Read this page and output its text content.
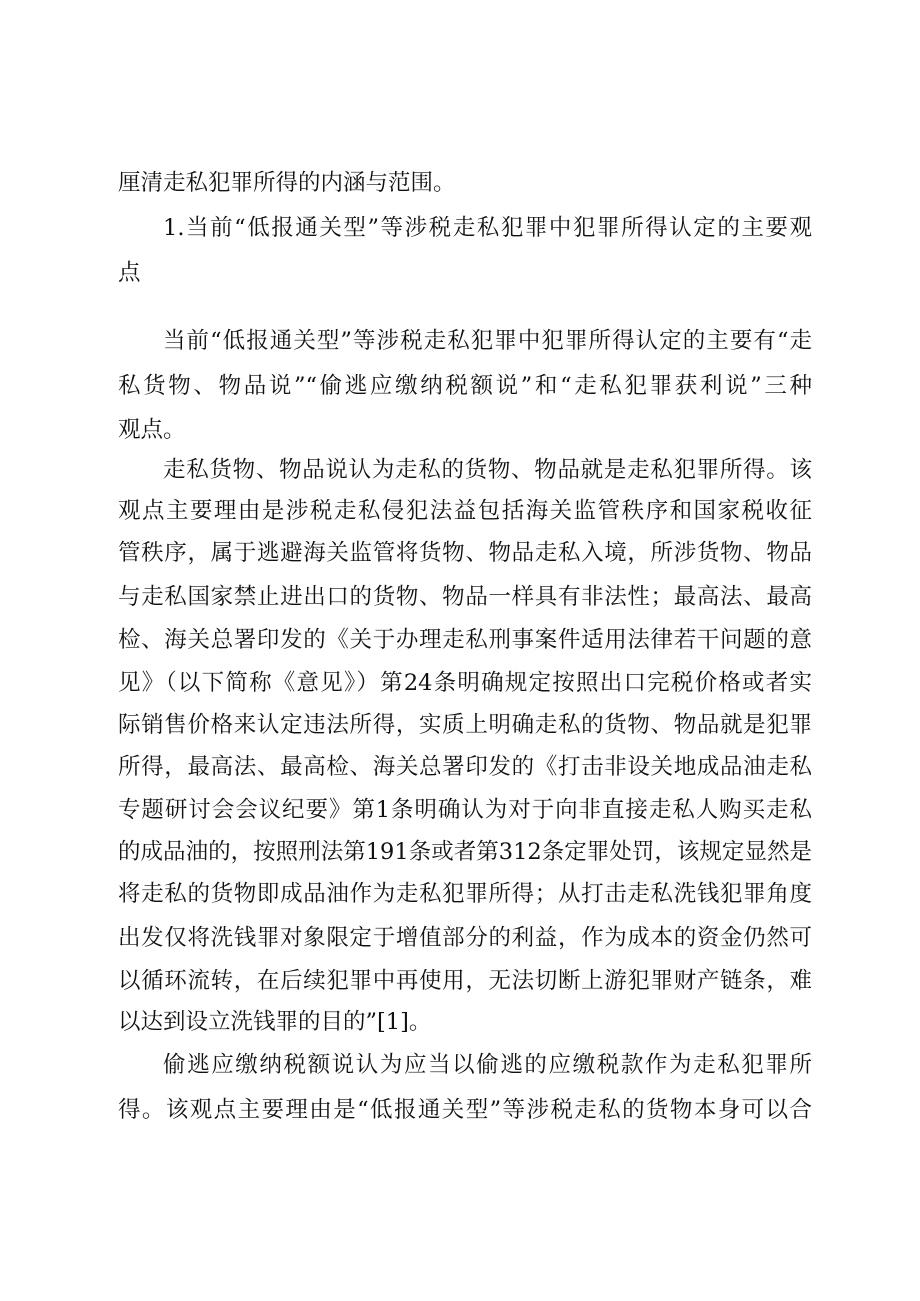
厘清走私犯罪所得的内涵与范围。
1.当前“低报通关型”等涉税走私犯罪中犯罪所得认定的主要观
点
当前“低报通关型”等涉税走私犯罪中犯罪所得认定的主要有“走
私货物、物品说”“偷逃应缴纳税额说”和“走私犯罪获利说”三种
观点。
走私货物、物品说认为走私的货物、物品就是走私犯罪所得。该
观点主要理由是涉税走私侵犯法益包括海关监管秩序和国家税收征
管秩序，属于逃避海关监管将货物、物品走私入境，所涉货物、物品
与走私国家禁止进出口的货物、物品一样具有非法性；最高法、最高
检、海关总署印发的《关于办理走私刑事案件适用法律若干问题的意
见》（以下简称《意见》）第24条明确规定按照出口完税价格或者实
际销售价格来认定违法所得，实质上明确走私的货物、物品就是犯罪
所得，最高法、最高检、海关总署印发的《打击非设关地成品油走私
专题研讨会会议纪要》第1条明确认为对于向非直接走私人购买走私
的成品油的，按照刑法第191条或者第312条定罪处罚，该规定显然是
将走私的货物即成品油作为走私犯罪所得；从打击走私洗钱犯罪角度
出发仅将洗钱罪对象限定于增值部分的利益，作为成本的资金仍然可
以循环流转，在后续犯罪中再使用，无法切断上游犯罪财产链条，难
以达到设立洗钱罪的目的”[1]。
偷逃应缴纳税额说认为应当以偷逃的应缴税款作为走私犯罪所
得。该观点主要理由是“低报通关型”等涉税走私的货物本身可以合
